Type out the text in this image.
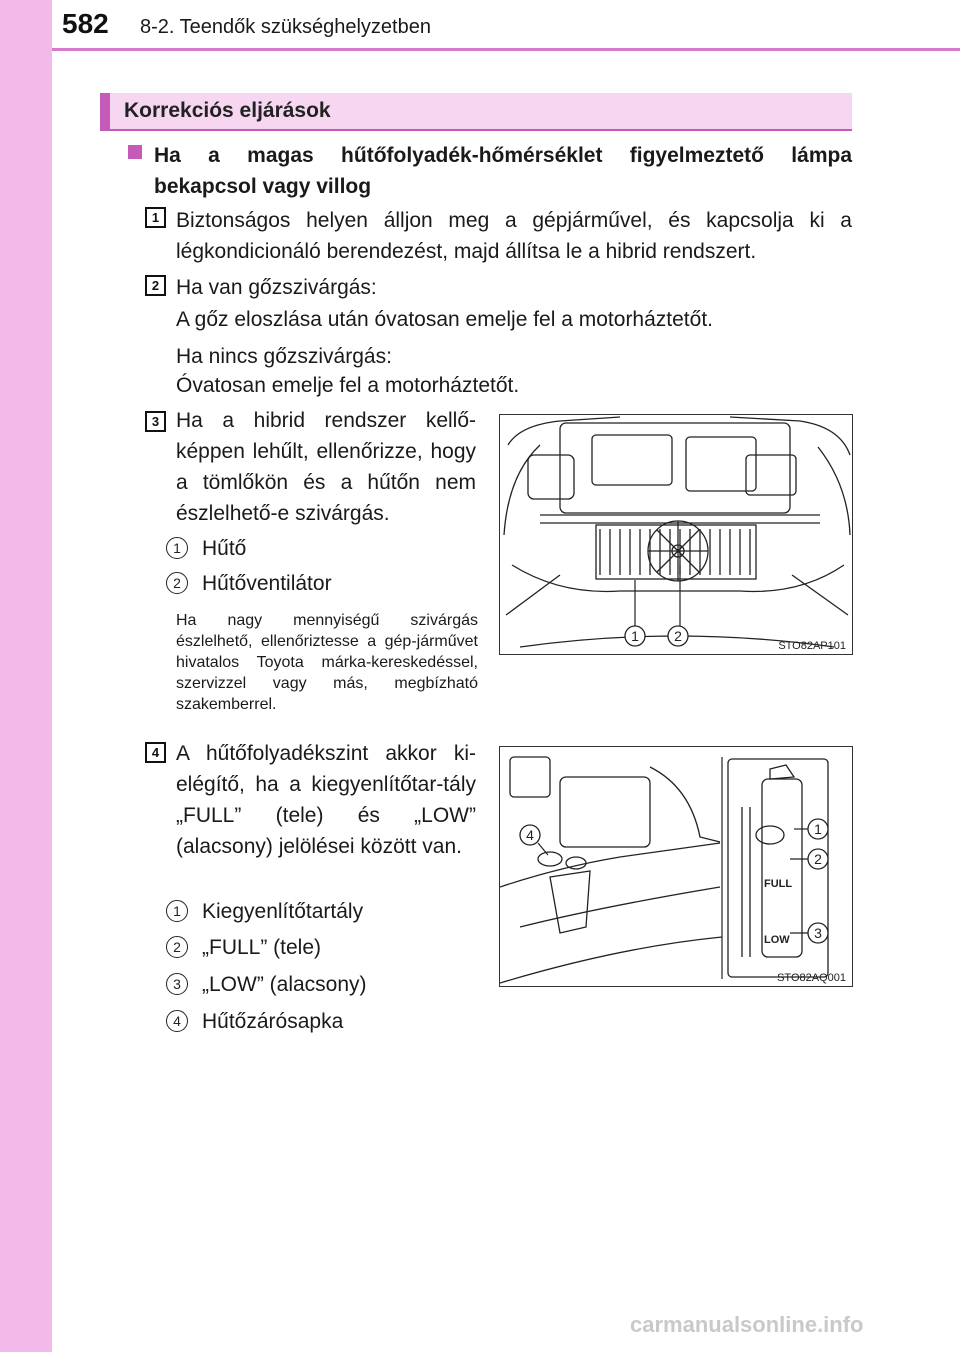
582 8-2. Teendők szükséghelyzetben
Korrekciós eljárások
Ha a magas hűtőfolyadék-hőmérséklet figyelmeztető lámpa bekapcsol vagy villog
1 Biztonságos helyen álljon meg a gépjárművel, és kapcsolja ki a légkondicionáló berendezést, majd állítsa le a hibrid rendszert.
2 Ha van gőzszivárgás:
A gőz eloszlása után óvatosan emelje fel a motorháztetőt.
Ha nincs gőzszivárgás:
Óvatosan emelje fel a motorháztetőt.
3 Ha a hibrid rendszer kellő-képpen lehűlt, ellenőrizze, hogy a tömlőkön és a hűtőn nem észlelhető-e szivárgás.
1	Hűtő
2	Hűtőventilátor
Ha nagy mennyiségű szivárgás észlelhető, ellenőriztesse a gép-járművet hivatalos Toyota márka-kereskedéssel, szervizzel vagy más, megbízható szakemberrel.
1	2
STO82AP101
4 A hűtőfolyadékszint akkor ki-elégítő, ha a kiegyenlítőtar-tály „FULL” (tele) és „LOW” (alacsony) jelölései között van.
1	Kiegyenlítőtartály
2	„FULL” (tele)
3	„LOW” (alacsony)
4	Hűtőzárósapka
FULL
LOW
1
2
3
4
STO82AQ001
carmanualsonline.info
